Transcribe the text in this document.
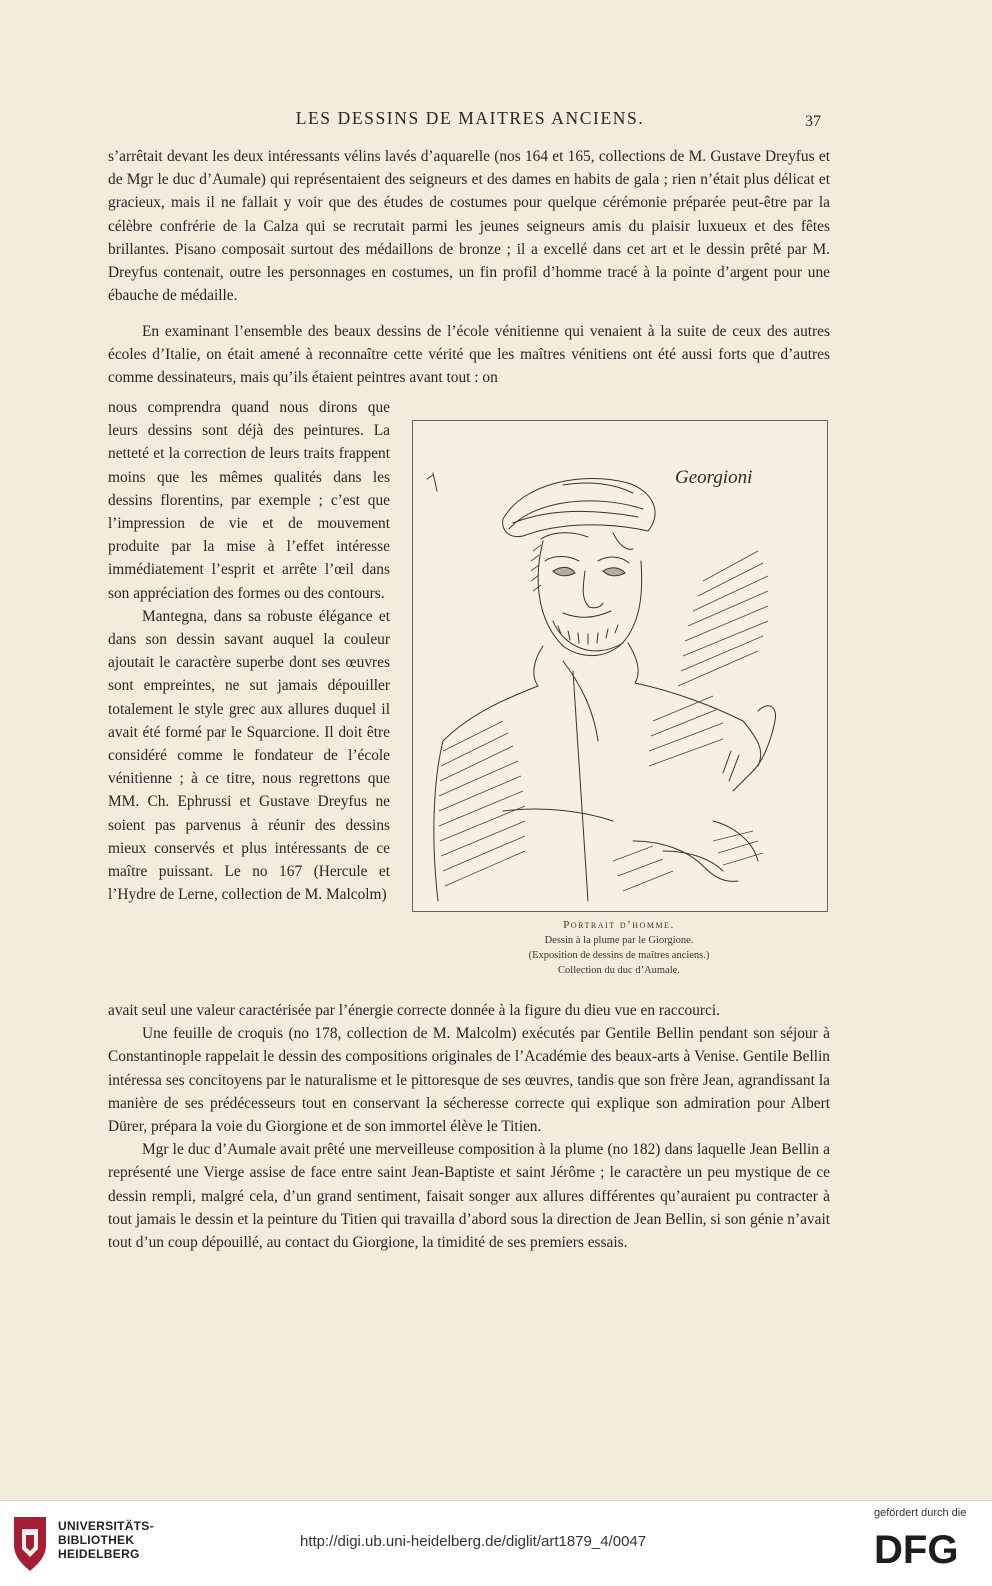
LES DESSINS DE MAITRES ANCIENS.	37

s’arrêtait devant les deux intéressants vélins lavés d’aquarelle (nos 164 et 165, collections de M. Gustave Dreyfus et de Mgr le duc d’Aumale) qui représentaient des seigneurs et des dames en habits de gala ; rien n’était plus délicat et gracieux, mais il ne fallait y voir que des études de costumes pour quelque cérémonie préparée peut-être par la célèbre confrérie de la Calza qui se recrutait parmi les jeunes seigneurs amis du plaisir luxueux et des fêtes brillantes. Pisano composait surtout des médaillons de bronze ; il a excellé dans cet art et le dessin prêté par M. Dreyfus contenait, outre les personnages en costumes, un fin profil d’homme tracé à la pointe d’argent pour une ébauche de médaille.

En examinant l’ensemble des beaux dessins de l’école vénitienne qui venaient à la suite de ceux des autres écoles d’Italie, on était amené à reconnaître cette vérité que les maîtres vénitiens ont été aussi forts que d’autres comme dessinateurs, mais qu’ils étaient peintres avant tout : on

nous comprendra quand nous dirons que leurs dessins sont déjà des peintures. La netteté et la correction de leurs traits frappent moins que les mêmes qualités dans les dessins florentins, par exemple ; c’est que l’impression de vie et de mouvement produite par la mise à l’effet intéresse immédiatement l’esprit et arrête l’œil dans son appréciation des formes ou des contours.

Mantegna, dans sa robuste élégance et dans son dessin savant auquel la couleur ajoutait le caractère superbe dont ses œuvres sont empreintes, ne sut jamais dépouiller totalement le style grec aux allures duquel il avait été formé par le Squarcione. Il doit être considéré comme le fondateur de l’école vénitienne ; à ce titre, nous regrettons que MM. Ch. Ephrussi et Gustave Dreyfus ne soient pas parvenus à réunir des dessins mieux conservés et plus intéressants de ce maître puissant. Le no 167 (Hercule et l’Hydre de Lerne, collection de M. Malcolm)

Georgioni
Portrait d’homme.
Dessin à la plume par le Giorgione.
(Exposition de dessins de maîtres anciens.)
Collection du duc d’Aumale.

avait seul une valeur caractérisée par l’énergie correcte donnée à la figure du dieu vue en raccourci.

Une feuille de croquis (no 178, collection de M. Malcolm) exécutés par Gentile Bellin pendant son séjour à Constantinople rappelait le dessin des compositions originales de l’Académie des beaux-arts à Venise. Gentile Bellin intéressa ses concitoyens par le naturalisme et le pittoresque de ses œuvres, tandis que son frère Jean, agrandissant la manière de ses prédécesseurs tout en conservant la sécheresse correcte qui explique son admiration pour Albert Dürer, prépara la voie du Giorgione et de son immortel élève le Titien.

Mgr le duc d’Aumale avait prêté une merveilleuse composition à la plume (no 182) dans laquelle Jean Bellin a représenté une Vierge assise de face entre saint Jean-Baptiste et saint Jérôme ; le caractère un peu mystique de ce dessin rempli, malgré cela, d’un grand sentiment, faisait songer aux allures différentes qu’auraient pu contracter à tout jamais le dessin et la peinture du Titien qui travailla d’abord sous la direction de Jean Bellin, si son génie n’avait tout d’un coup dépouillé, au contact du Giorgione, la timidité de ses premiers essais.

UNIVERSITÄTS-
BIBLIOTHEK
HEIDELBERG
http://digi.ub.uni-heidelberg.de/diglit/art1879_4/0047
gefördert durch die
DFG
